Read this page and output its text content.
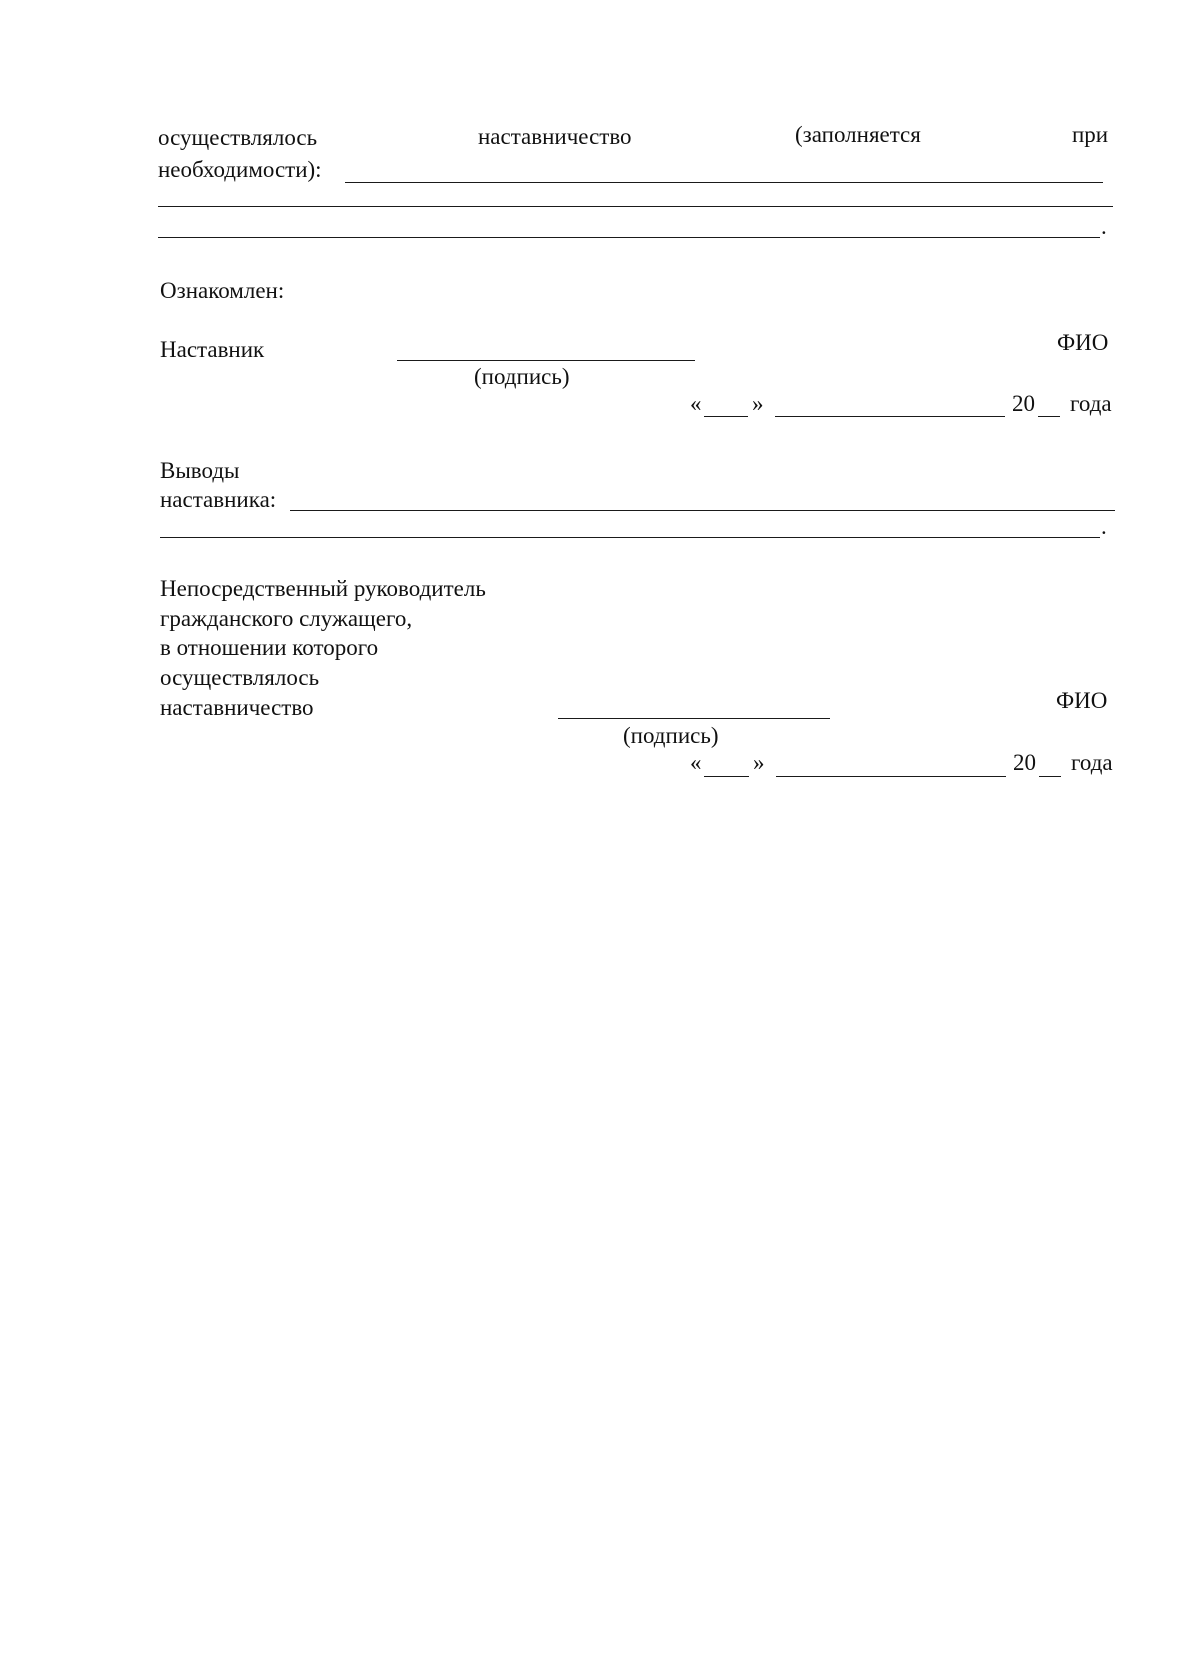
осуществлялось	наставничество	(заполняется	при
необходимости):
.
Ознакомлен:
Наставник
(подпись)
ФИО
« »	20 года
Выводы
наставника:
.
Непосредственный руководитель
гражданского служащего,
в отношении которого
осуществлялось
наставничество
(подпись)
ФИО
« »	20 года
